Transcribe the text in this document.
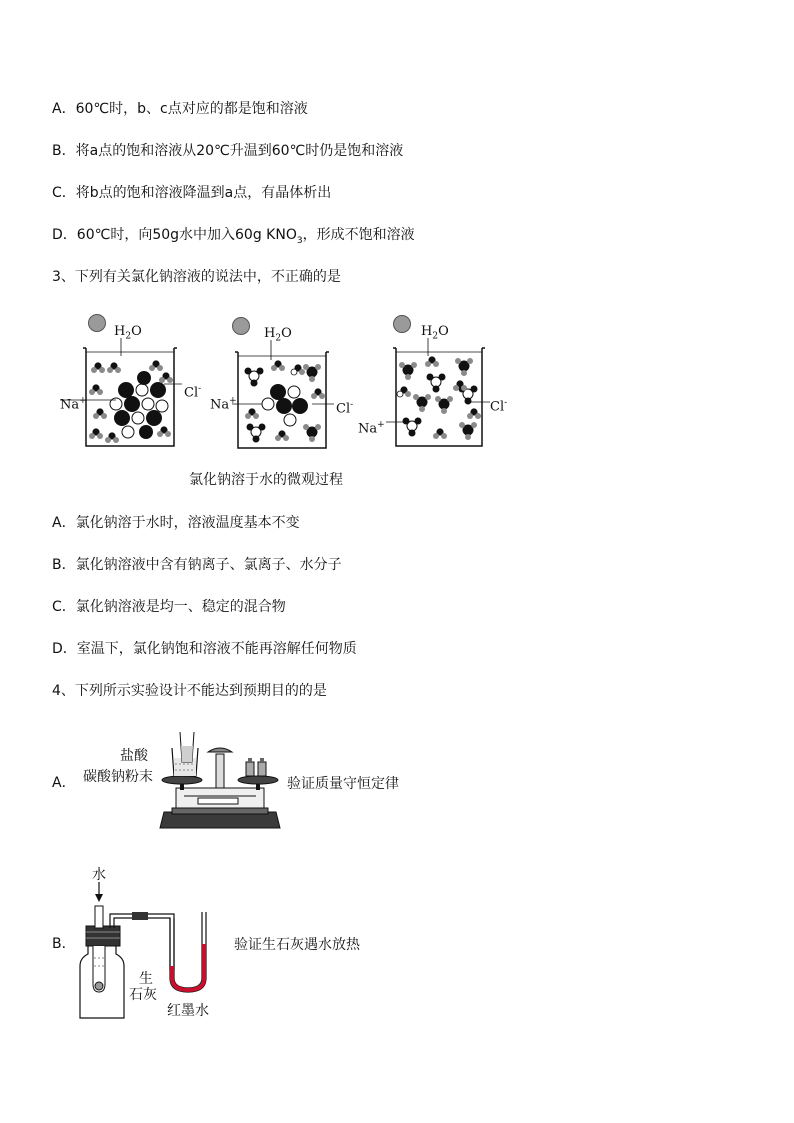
A．60℃时，b、c点对应的都是饱和溶液
B．将a点的饱和溶液从20℃升温到60℃时仍是饱和溶液
C．将b点的饱和溶液降温到a点，有晶体析出
D．60℃时，向50g水中加入60g $KNO_3$，形成不饱和溶液
3、下列有关氯化钠溶液的说法中，不正确的是
$H_2O$	$H_2O$	$H_2O$
Cl-
Cl-	Cl-
Na+	Na+
Na+
氯化钠溶于水的微观过程
A．氯化钠溶于水时，溶液温度基本不变
B．氯化钠溶液中含有钠离子、氯离子、水分子
C．氯化钠溶液是均一、稳定的混合物
D．室温下，氯化钠饱和溶液不能再溶解任何物质
4、下列所示实验设计不能达到预期目的的是
A．
盐酸
碳酸钠粉末	验证质量守恒定律
B．
水
生
石灰
红墨水
验证生石灰遇水放热
